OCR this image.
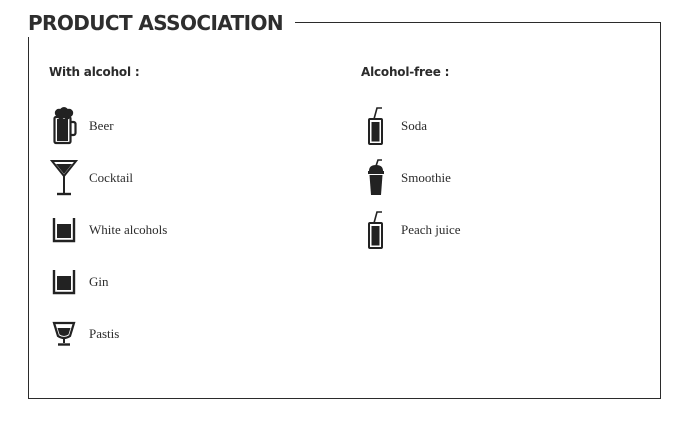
PRODUCT ASSOCIATION
With alcohol :
Beer
Cocktail
White alcohols
Gin
Pastis
Alcohol-free :
Soda
Smoothie
Peach juice
